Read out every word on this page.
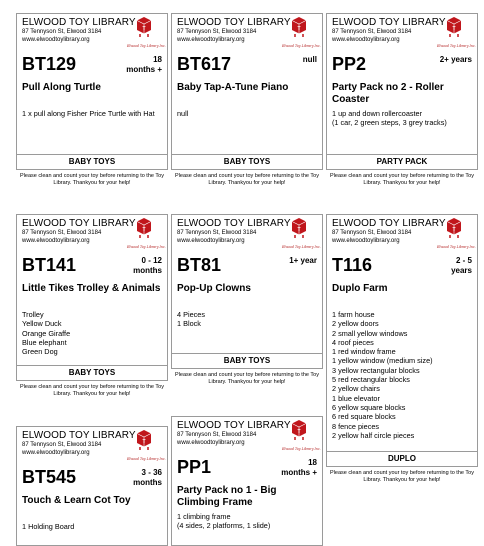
ELWOOD TOY LIBRARY
87 Tennyson St, Elwood 3184
www.elwoodtoylibrary.org
T
Elwood Toy Library Inc.
BT129	18
months +
Pull Along Turtle
1 x pull along Fisher Price Turtle with Hat
BABY TOYS
Please clean and count your toy before returning to the Toy Library. Thankyou for your help!
ELWOOD TOY LIBRARY
87 Tennyson St, Elwood 3184
www.elwoodtoylibrary.org
T
Elwood Toy Library Inc.
BT617	null
Baby Tap-A-Tune Piano
null
BABY TOYS
Please clean and count your toy before returning to the Toy Library. Thankyou for your help!
ELWOOD TOY LIBRARY
87 Tennyson St, Elwood 3184
www.elwoodtoylibrary.org
T
Elwood Toy Library Inc.
PP2	2+ years
Party Pack no 2 - Roller Coaster
1 up and down rollercoaster
(1 car, 2 green steps, 3 grey tracks)
PARTY PACK
Please clean and count your toy before returning to the Toy Library. Thankyou for your help!
ELWOOD TOY LIBRARY
87 Tennyson St, Elwood 3184
www.elwoodtoylibrary.org
T
Elwood Toy Library Inc.
BT141	0 - 12
months
Little Tikes Trolley & Animals
Trolley
Yellow Duck
Orange Giraffe
Blue elephant
Green Dog
BABY TOYS
Please clean and count your toy before returning to the Toy Library. Thankyou for your help!
ELWOOD TOY LIBRARY
87 Tennyson St, Elwood 3184
www.elwoodtoylibrary.org
T
Elwood Toy Library Inc.
BT81	1+ year
Pop-Up Clowns
4 Pieces
1 Block
BABY TOYS
Please clean and count your toy before returning to the Toy Library. Thankyou for your help!
ELWOOD TOY LIBRARY
87 Tennyson St, Elwood 3184
www.elwoodtoylibrary.org
T
Elwood Toy Library Inc.
T116	2 - 5
years
Duplo Farm
1 farm house
2 yellow doors
2 small yellow windows
4 roof pieces
1 red window frame
1 yellow window (medium size)
3 yellow rectangular blocks
5 red rectangular blocks
2 yellow chairs
1 blue elevator
6 yellow square blocks
6 red square blocks
8 fence pieces
2 yellow half circle pieces
DUPLO
Please clean and count your toy before returning to the Toy Library. Thankyou for your help!
ELWOOD TOY LIBRARY
87 Tennyson St, Elwood 3184
www.elwoodtoylibrary.org
T
Elwood Toy Library Inc.
BT545	3 - 36
months
Touch & Learn Cot Toy
1 Holding Board
ELWOOD TOY LIBRARY
87 Tennyson St, Elwood 3184
www.elwoodtoylibrary.org
T
Elwood Toy Library Inc.
PP1	18
months +
Party Pack no 1 - Big Climbing Frame
1 climbing frame
(4 sides, 2 platforms, 1 slide)
